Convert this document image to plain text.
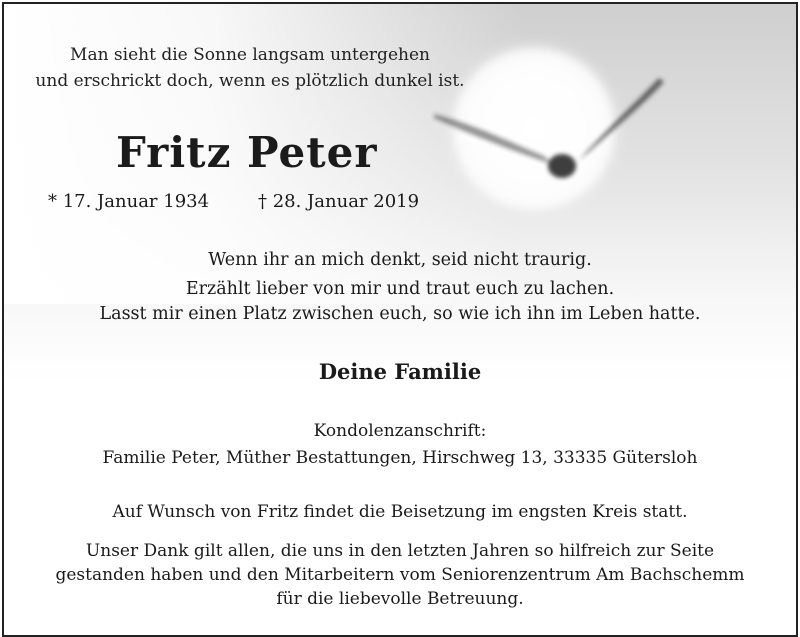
Man sieht die Sonne langsam untergehen
und erschrickt doch, wenn es plötzlich dunkel ist.
Fritz Peter
* 17. Januar 1934	† 28. Januar 2019
Wenn ihr an mich denkt, seid nicht traurig.
Erzählt lieber von mir und traut euch zu lachen.
Lasst mir einen Platz zwischen euch, so wie ich ihn im Leben hatte.
Deine Familie
Kondolenzanschrift:
Familie Peter, Müther Bestattungen, Hirschweg 13, 33335 Gütersloh
Auf Wunsch von Fritz findet die Beisetzung im engsten Kreis statt.
Unser Dank gilt allen, die uns in den letzten Jahren so hilfreich zur Seite
gestanden haben und den Mitarbeitern vom Seniorenzentrum Am Bachschemm
für die liebevolle Betreuung.
